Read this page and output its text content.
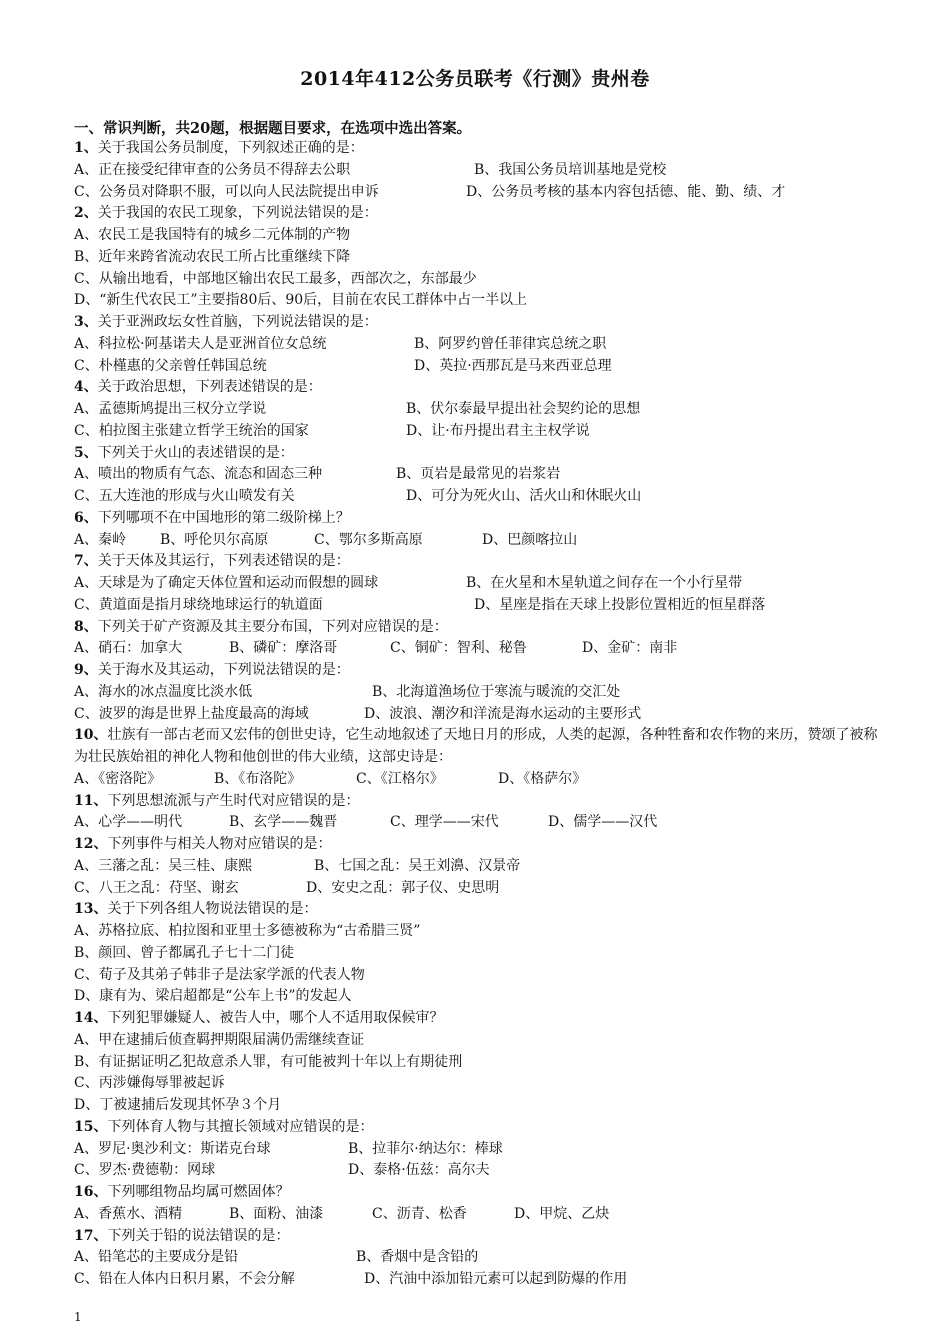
2014年412公务员联考《行测》贵州卷
一、常识判断，共20题，根据题目要求，在选项中选出答案。
1、关于我国公务员制度，下列叙述正确的是：
A、正在接受纪律审查的公务员不得辞去公职	B、我国公务员培训基地是党校
C、公务员对降职不服，可以向人民法院提出申诉	D、公务员考核的基本内容包括德、能、勤、绩、才
2、关于我国的农民工现象，下列说法错误的是：
A、农民工是我国特有的城乡二元体制的产物
B、近年来跨省流动农民工所占比重继续下降
C、从输出地看，中部地区输出农民工最多，西部次之，东部最少
D、“新生代农民工”主要指80后、90后，目前在农民工群体中占一半以上
3、关于亚洲政坛女性首脑，下列说法错误的是：
A、科拉松·阿基诺夫人是亚洲首位女总统	B、阿罗约曾任菲律宾总统之职
C、朴槿惠的父亲曾任韩国总统	D、英拉·西那瓦是马来西亚总理
4、关于政治思想，下列表述错误的是：
A、孟德斯鸠提出三权分立学说	B、伏尔泰最早提出社会契约论的思想
C、柏拉图主张建立哲学王统治的国家	D、让·布丹提出君主主权学说
5、下列关于火山的表述错误的是：
A、喷出的物质有气态、流态和固态三种	B、页岩是最常见的岩浆岩
C、五大连池的形成与火山喷发有关	D、可分为死火山、活火山和休眠火山
6、下列哪项不在中国地形的第二级阶梯上？
A、秦岭 B、呼伦贝尔高原	C、鄂尔多斯高原	D、巴颜喀拉山
7、关于天体及其运行，下列表述错误的是：
A、天球是为了确定天体位置和运动而假想的圆球	B、在火星和木星轨道之间存在一个小行星带
C、黄道面是指月球绕地球运行的轨道面	D、星座是指在天球上投影位置相近的恒星群落
8、下列关于矿产资源及其主要分布国，下列对应错误的是：
A、硝石：加拿大	B、磷矿：摩洛哥	C、铜矿：智利、秘鲁	D、金矿：南非
9、关于海水及其运动，下列说法错误的是：
A、海水的冰点温度比淡水低	B、北海道渔场位于寒流与暖流的交汇处
C、波罗的海是世界上盐度最高的海域	D、波浪、潮汐和洋流是海水运动的主要形式
10、壮族有一部古老而又宏伟的创世史诗，它生动地叙述了天地日月的形成，人类的起源，各种牲畜和农作物的来历，赞颂了被称为壮民族始祖的神化人物和他创世的伟大业绩，这部史诗是：
A、《密洛陀》	B、《布洛陀》	C、《江格尔》	D、《格萨尔》
11、下列思想流派与产生时代对应错误的是：
A、心学——明代	B、玄学——魏晋	C、理学——宋代	D、儒学——汉代
12、下列事件与相关人物对应错误的是：
A、三藩之乱：吴三桂、康熙	B、七国之乱：吴王刘濞、汉景帝
C、八王之乱：苻坚、谢玄	D、安史之乱：郭子仪、史思明
13、关于下列各组人物说法错误的是：
A、苏格拉底、柏拉图和亚里士多德被称为“古希腊三贤”
B、颜回、曾子都属孔子七十二门徒
C、荀子及其弟子韩非子是法家学派的代表人物
D、康有为、梁启超都是“公车上书”的发起人
14、下列犯罪嫌疑人、被告人中，哪个人不适用取保候审？
A、甲在逮捕后侦查羁押期限届满仍需继续查证
B、有证据证明乙犯故意杀人罪，有可能被判十年以上有期徒刑
C、丙涉嫌侮辱罪被起诉
D、丁被逮捕后发现其怀孕３个月
15、下列体育人物与其擅长领域对应错误的是：
A、罗尼·奥沙利文：斯诺克台球	B、拉菲尔·纳达尔：棒球
C、罗杰·费德勒：网球	D、泰格·伍兹：高尔夫
16、下列哪组物品均属可燃固体？
A、香蕉水、酒精	B、面粉、油漆	C、沥青、松香	D、甲烷、乙炔
17、下列关于铅的说法错误的是：
A、铅笔芯的主要成分是铅	B、香烟中是含铅的
C、铅在人体内日积月累，不会分解	D、汽油中添加铅元素可以起到防爆的作用
1
